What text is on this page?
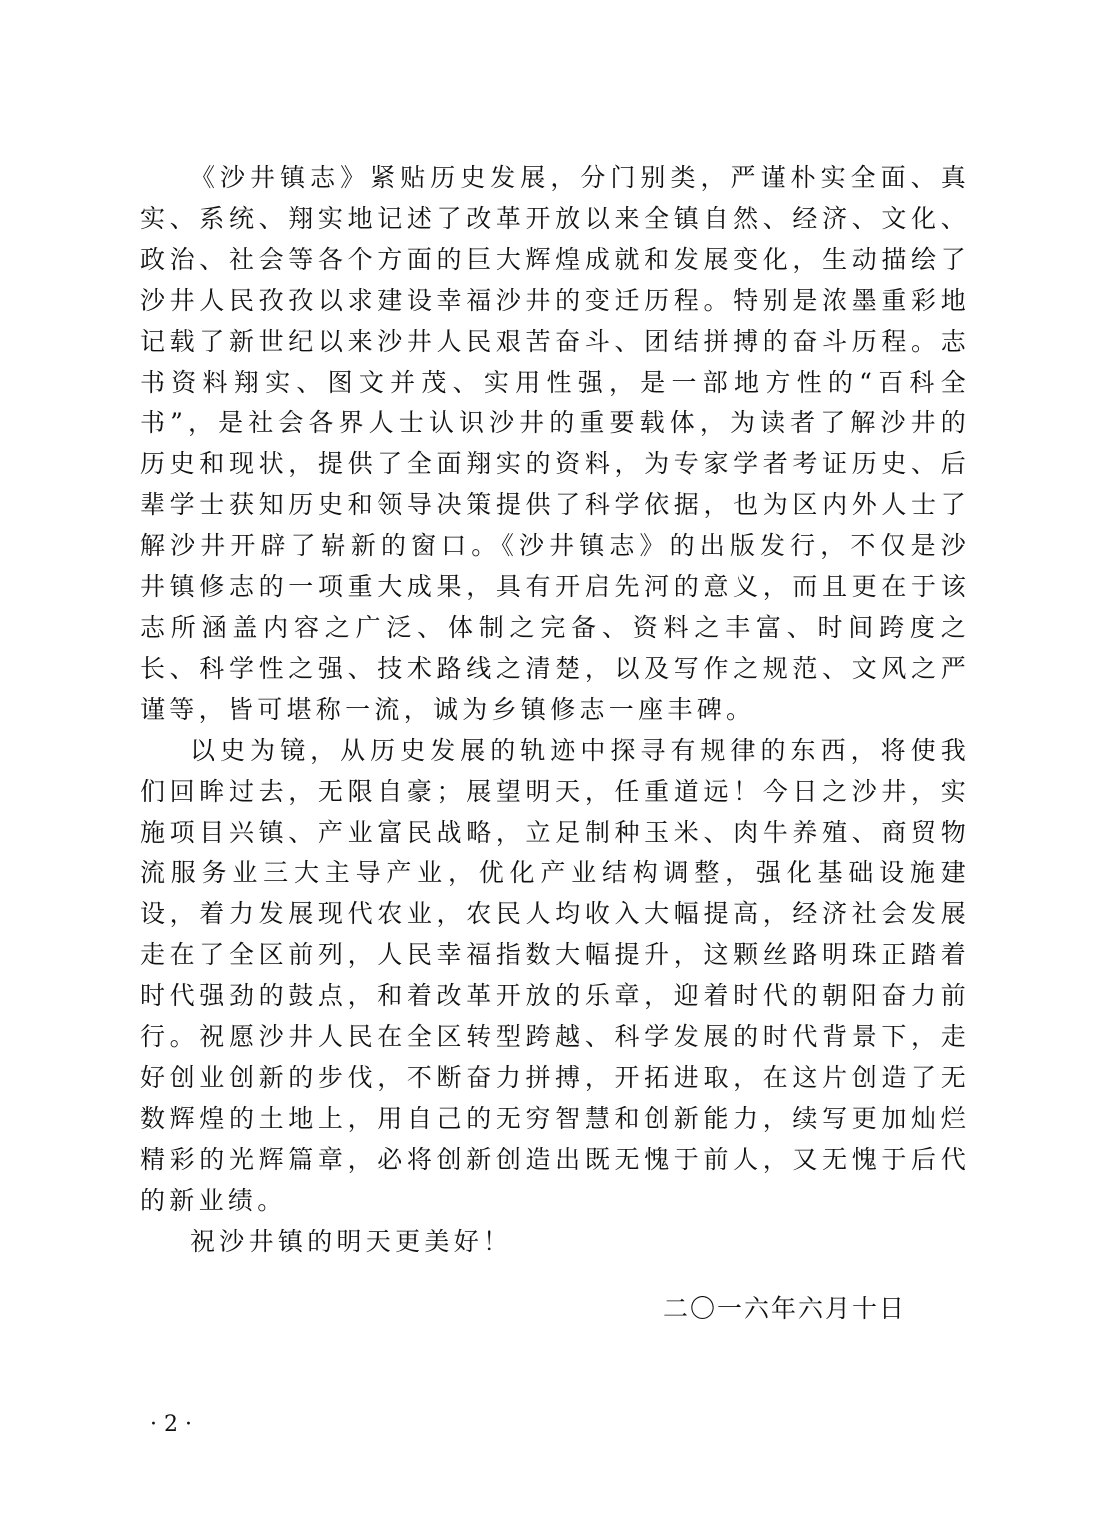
《沙井镇志》紧贴历史发展，分门别类，严谨朴实全面、真实、系统、翔实地记述了改革开放以来全镇自然、经济、文化、政治、社会等各个方面的巨大辉煌成就和发展变化，生动描绘了沙井人民孜孜以求建设幸福沙井的变迁历程。特别是浓墨重彩地记载了新世纪以来沙井人民艰苦奋斗、团结拼搏的奋斗历程。志书资料翔实、图文并茂、实用性强，是一部地方性的“百科全书”，是社会各界人士认识沙井的重要载体，为读者了解沙井的历史和现状，提供了全面翔实的资料，为专家学者考证历史、后辈学士获知历史和领导决策提供了科学依据，也为区内外人士了解沙井开辟了崭新的窗口。《沙井镇志》的出版发行，不仅是沙井镇修志的一项重大成果，具有开启先河的意义，而且更在于该志所涵盖内容之广泛、体制之完备、资料之丰富、时间跨度之长、科学性之强、技术路线之清楚，以及写作之规范、文风之严谨等，皆可堪称一流，诚为乡镇修志一座丰碑。

以史为镜，从历史发展的轨迹中探寻有规律的东西，将使我们回眸过去，无限自豪；展望明天，任重道远！今日之沙井，实施项目兴镇、产业富民战略，立足制种玉米、肉牛养殖、商贸物流服务业三大主导产业，优化产业结构调整，强化基础设施建设，着力发展现代农业，农民人均收入大幅提高，经济社会发展走在了全区前列，人民幸福指数大幅提升，这颗丝路明珠正踏着时代强劲的鼓点，和着改革开放的乐章，迎着时代的朝阳奋力前行。祝愿沙井人民在全区转型跨越、科学发展的时代背景下，走好创业创新的步伐，不断奋力拼搏，开拓进取，在这片创造了无数辉煌的土地上，用自己的无穷智慧和创新能力，续写更加灿烂精彩的光辉篇章，必将创新创造出既无愧于前人，又无愧于后代的新业绩。

祝沙井镇的明天更美好！

二〇一六年六月十日
· 2 ·
